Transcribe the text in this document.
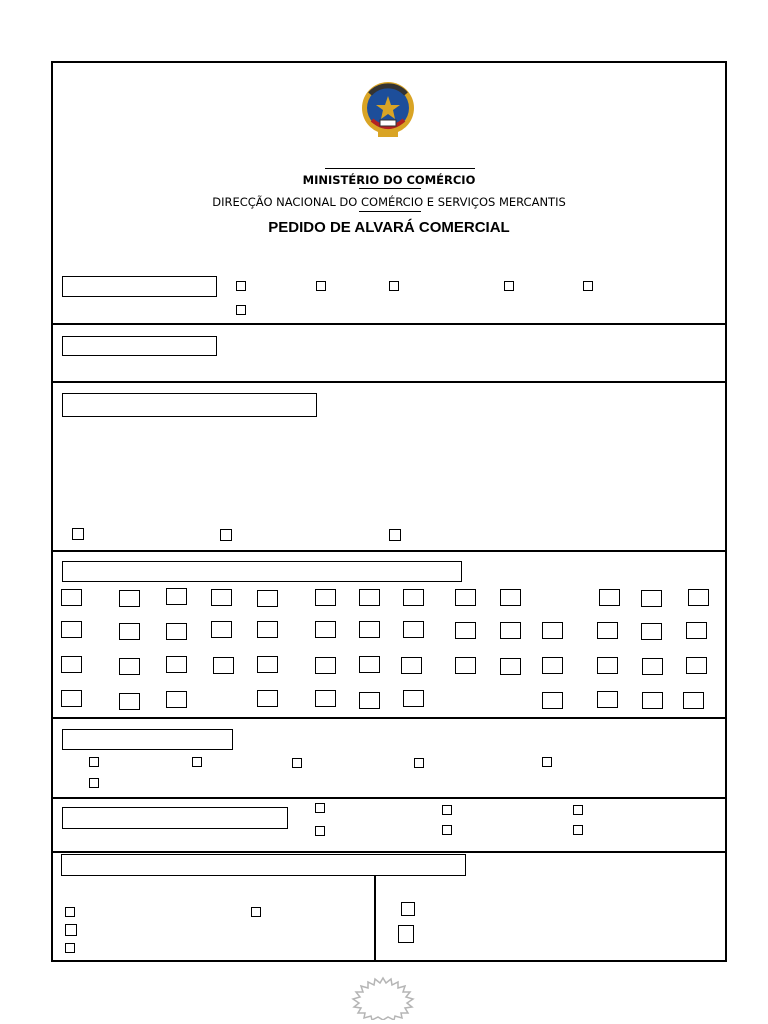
MINISTÉRIO DO COMÉRCIO
DIRECÇÃO NACIONAL DO COMÉRCIO E SERVIÇOS MERCANTIS
PEDIDO DE ALVARÁ COMERCIAL
